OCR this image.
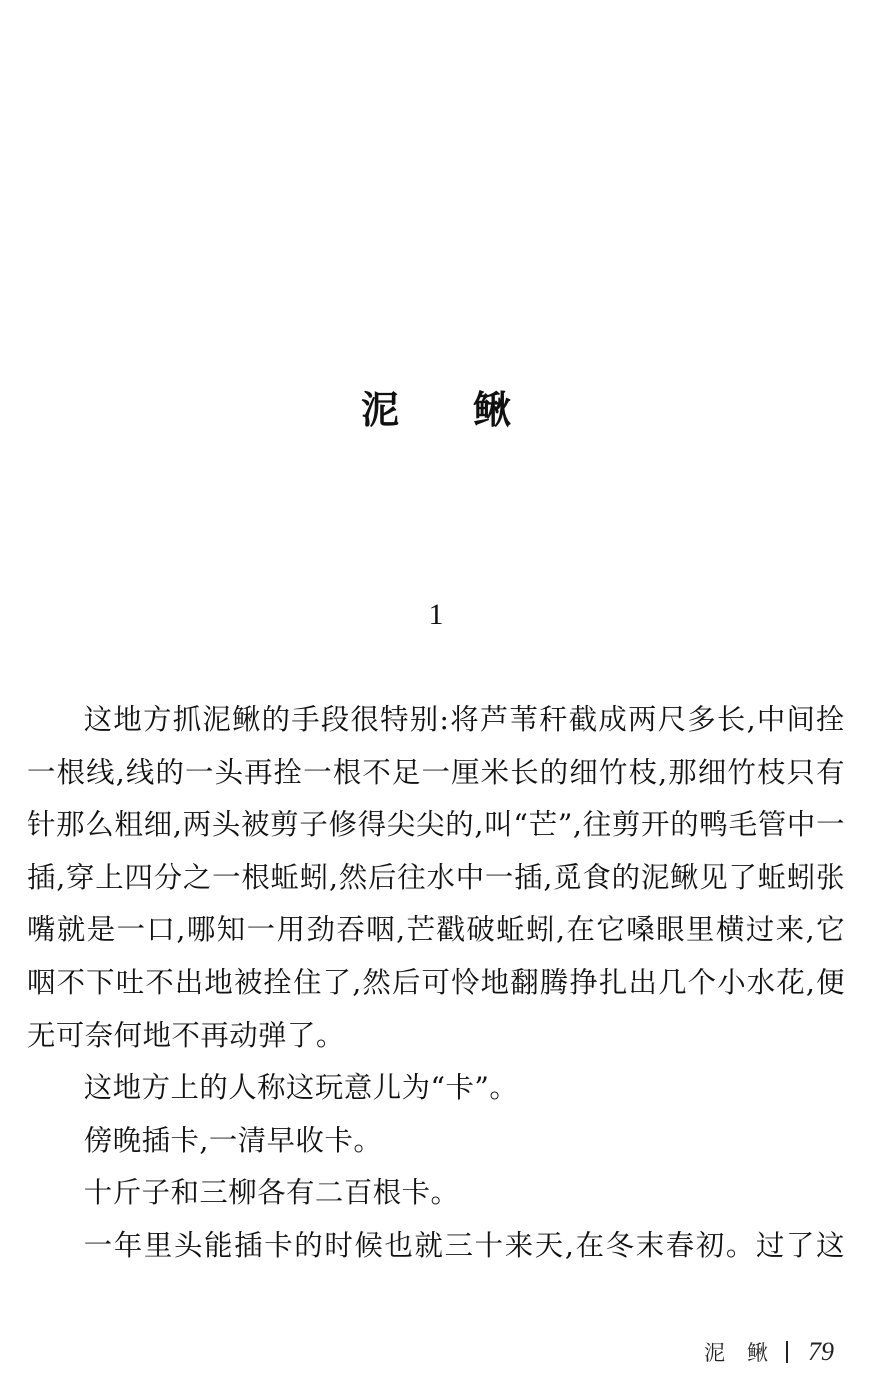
泥 鳅
1

这地方抓泥鳅的手段很特别:将芦苇秆截成两尺多长,中间拴一根线,线的一头再拴一根不足一厘米长的细竹枝,那细竹枝只有针那么粗细,两头被剪子修得尖尖的,叫“芒”,往剪开的鸭毛管中一插,穿上四分之一根蚯蚓,然后往水中一插,觅食的泥鳅见了蚯蚓张嘴就是一口,哪知一用劲吞咽,芒戳破蚯蚓,在它嗓眼里横过来,它咽不下吐不出地被拴住了,然后可怜地翻腾挣扎出几个小水花,便无可奈何地不再动弹了。

这地方上的人称这玩意儿为“卡”。

傍晚插卡,一清早收卡。

十斤子和三柳各有二百根卡。

一年里头能插卡的时候也就三十来天,在冬末春初。过了这

泥 鳅 79
